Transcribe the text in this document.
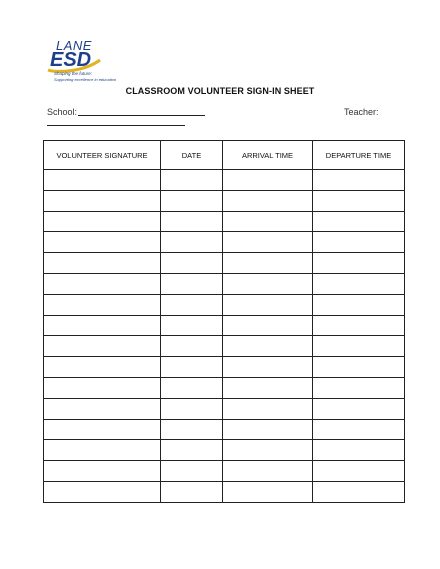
LANE
ESD
Shaping the future:
Supporting excellence in education
CLASSROOM VOLUNTEER SIGN-IN SHEET
School:	Teacher:
VOLUNTEER SIGNATURE	DATE	ARRIVAL TIME	DEPARTURE TIME
